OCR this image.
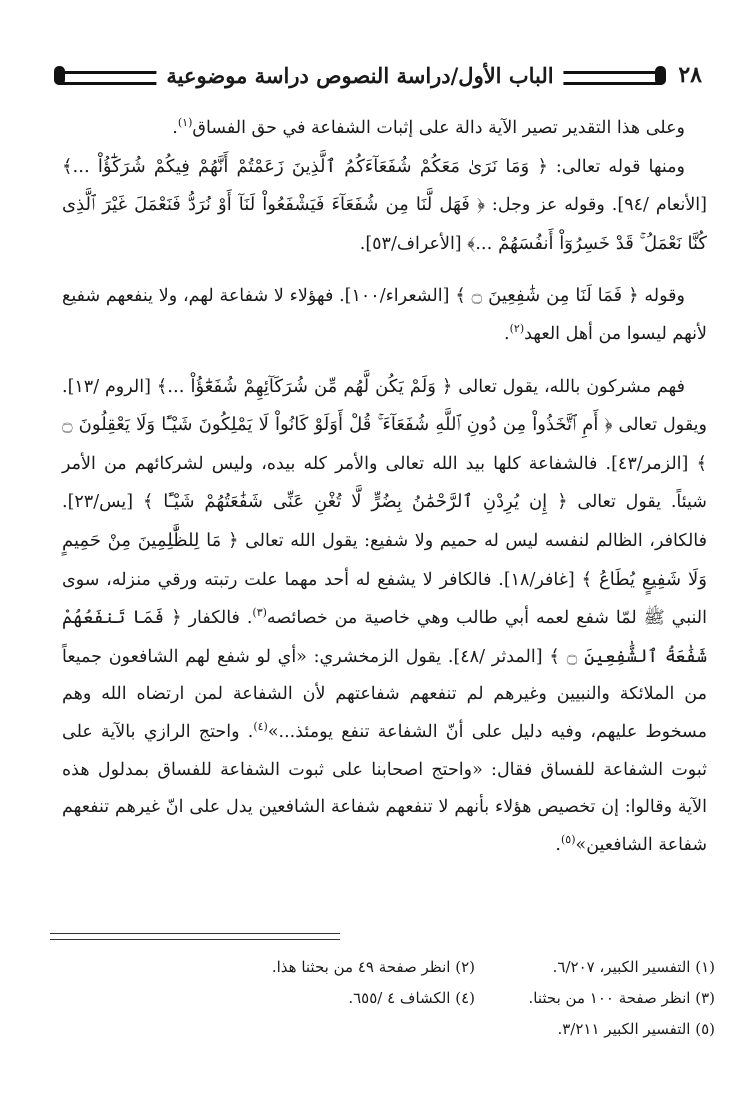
٢٨
الباب الأول/دراسة النصوص دراسة موضوعية

وعلى هذا التقدير تصير الآية دالة على إثبات الشفاعة في حق الفساق$^{(١)}$.

ومنها قوله تعالى: ﴿ وَمَا نَرَىٰ مَعَكُمْ شُفَعَآءَكُمُ ٱلَّذِينَ زَعَمْتُمْ أَنَّهُمْ فِيكُمْ شُرَكَٰٓؤُاْ ...﴾ [الأنعام /٩٤]. وقوله عز وجل: ﴿ فَهَل لَّنَا مِن شُفَعَآءَ فَيَشْفَعُواْ لَنَآ أَوْ نُرَدُّ فَنَعْمَلَ غَيْرَ ٱلَّذِى كُنَّا نَعْمَلُ ۚ قَدْ خَسِرُوٓاْ أَنفُسَهُمْ ...﴾ [الأعراف/٥٣].

وقوله ﴿ فَمَا لَنَا مِن شَٰفِعِينَ ۝ ﴾ [الشعراء/١٠٠]. فهؤلاء لا شفاعة لهم، ولا ينفعهم شفيع لأنهم ليسوا من أهل العهد$^{(٢)}$.

فهم مشركون بالله، يقول تعالى ﴿ وَلَمْ يَكُن لَّهُم مِّن شُرَكَآئِهِمْ شُفَعَٰٓؤُاْ ...﴾ [الروم /١٣]. ويقول تعالى ﴿ أَمِ ٱتَّخَذُواْ مِن دُونِ ٱللَّهِ شُفَعَآءَ ۚ قُلْ أَوَلَوْ كَانُواْ لَا يَمْلِكُونَ شَيْـًٔا وَلَا يَعْقِلُونَ ۝ ﴾ [الزمر/٤٣]. فالشفاعة كلها بيد الله تعالى والأمر كله بيده، وليس لشركائهم من الأمر شيئاً. يقول تعالى ﴿ إِن يُرِدْنِ ٱلرَّحْمَٰنُ بِضُرٍّ لَّا تُغْنِ عَنِّى شَفَٰعَتُهُمْ شَيْـًٔا ﴾ [يس/٢٣]. فالكافر، الظالم لنفسه ليس له حميم ولا شفيع: يقول الله تعالى ﴿ مَا لِلظَّٰلِمِينَ مِنْ حَمِيمٍ وَلَا شَفِيعٍ يُطَاعُ ﴾ [غافر/١٨]. فالكافر لا يشفع له أحد مهما علت رتبته ورقي منزله، سوى النبي ﷺ لمّا شفع لعمه أبي طالب وهي خاصية من خصائصه$^{(٣)}$. فالكفار ﴿ فَمَا تَنفَعُهُمْ شَفَٰعَةُ ٱلشَّٰفِعِينَ ۝ ﴾ [المدثر /٤٨]. يقول الزمخشري: «أي لو شفع لهم الشافعون جميعاً من الملائكة والنبيين وغيرهم لم تنفعهم شفاعتهم لأن الشفاعة لمن ارتضاه الله وهم مسخوط عليهم، وفيه دليل على أنّ الشفاعة تنفع يومئذ...»$^{(٤)}$. واحتج الرازي بالآية على ثبوت الشفاعة للفساق فقال: «واحتج اصحابنا على ثبوت الشفاعة للفساق بمدلول هذه الآية وقالوا: إن تخصيص هؤلاء بأنهم لا تنفعهم شفاعة الشافعين يدل على انّ غيرهم تنفعهم شفاعة الشافعين»$^{(٥)}$.

(١) التفسير الكبير، ٦/٢٠٧.
(٢) انظر صفحة ٤٩ من بحثنا هذا.
(٣) انظر صفحة ١٠٠ من بحثنا.
(٤) الكشاف ٤ /٦٥٥.
(٥) التفسير الكبير ٣/٢١١.
